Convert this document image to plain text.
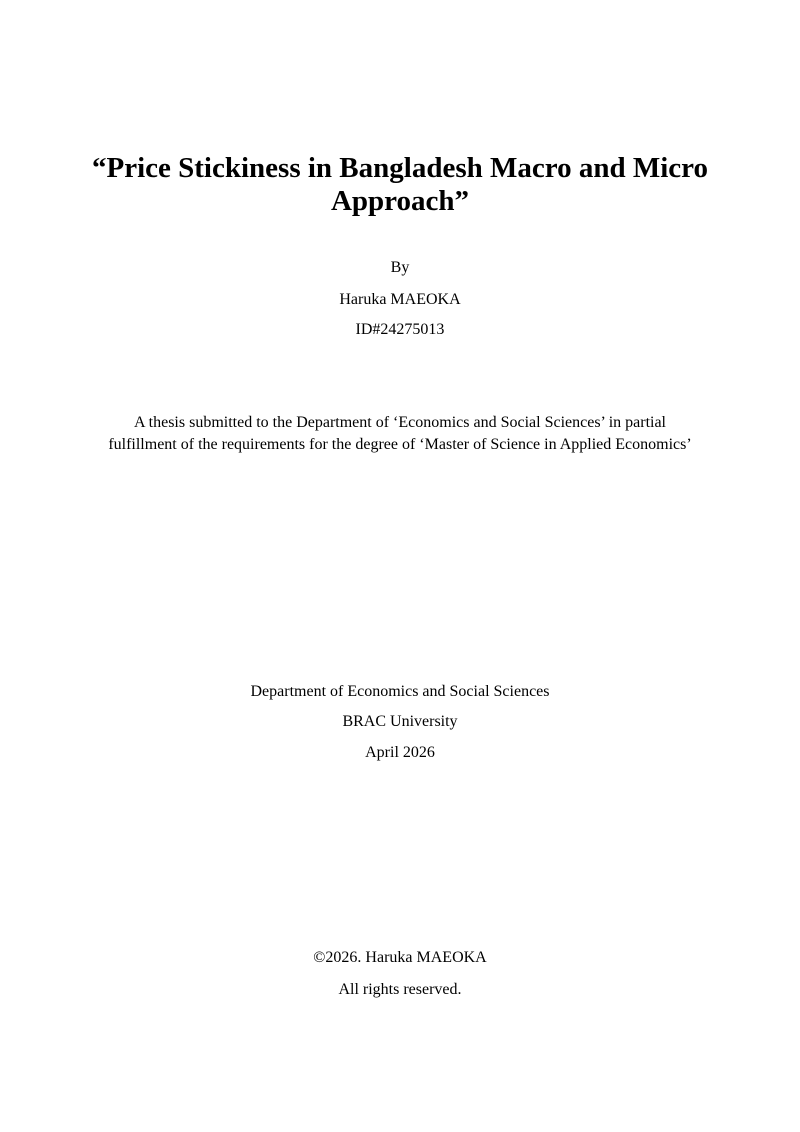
“Price Stickiness in Bangladesh Macro and Micro
Approach”
By
Haruka MAEOKA
ID#24275013
A thesis submitted to the Department of ‘Economics and Social Sciences’ in partial
fulfillment of the requirements for the degree of ‘Master of Science in Applied Economics’
Department of Economics and Social Sciences
BRAC University
April 2026
©2026. Haruka MAEOKA
All rights reserved.
